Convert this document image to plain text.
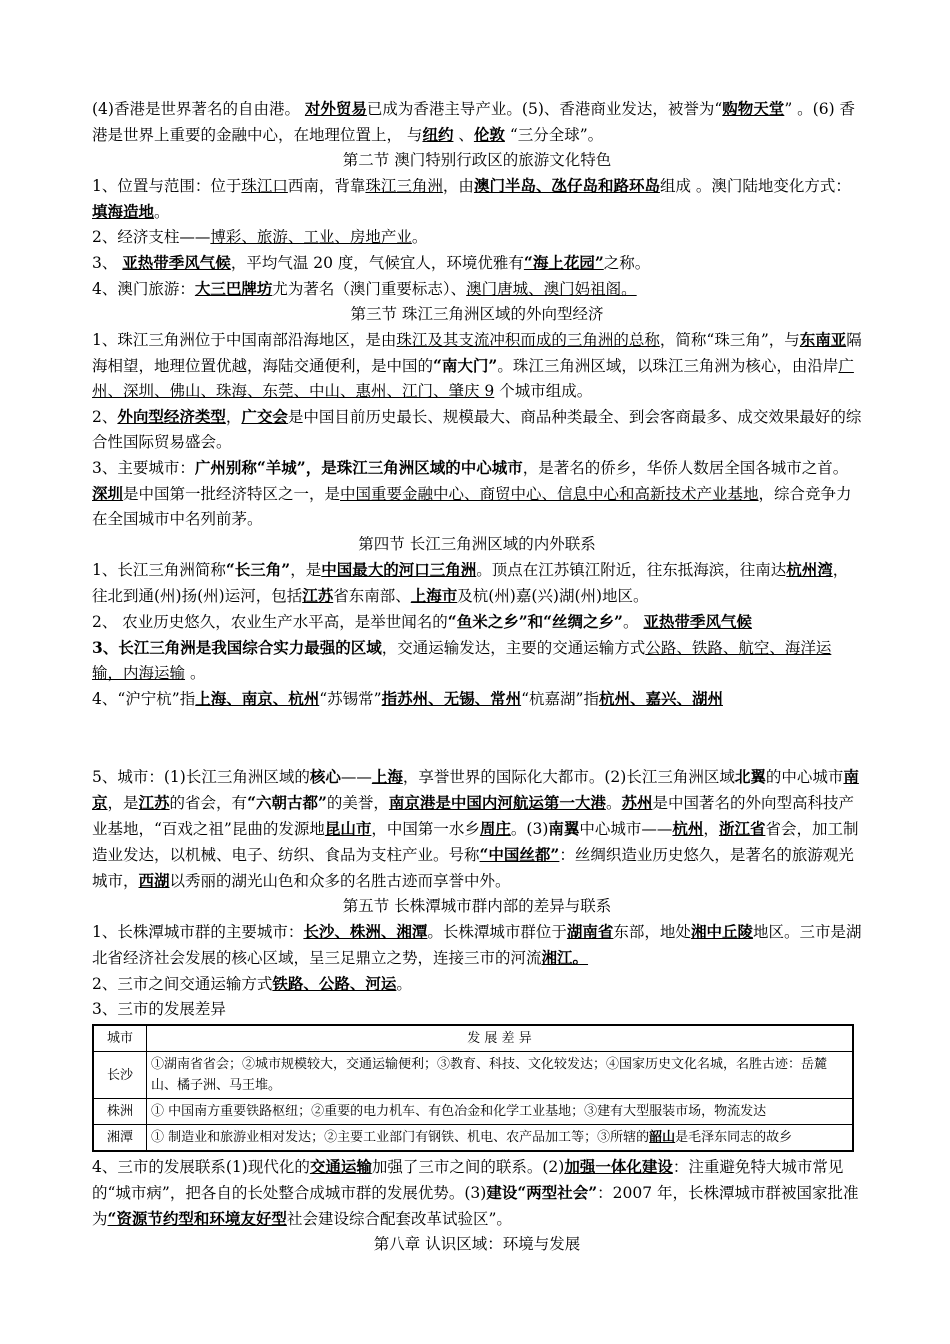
(4)香港是世界著名的自由港。 对外贸易已成为香港主导产业。(5)、香港商业发达，被誉为“购物天堂” 。(6) 香港是世界上重要的金融中心，在地理位置上， 与纽约 、伦敦 “三分全球”。

第二节 澳门特别行政区的旅游文化特色

1、位置与范围：位于珠江口西南，背靠珠江三角洲，由澳门半岛、氹仔岛和路环岛组成 。澳门陆地变化方式：填海造地。

2、经济支柱——博彩、旅游、工业、房地产业。

3、 亚热带季风气候，平均气温 20 度，气候宜人，环境优雅有“海上花园”之称。

4、澳门旅游：大三巴牌坊尤为著名（澳门重要标志）、澳门唐城、澳门妈祖阁。

第三节 珠江三角洲区域的外向型经济

1、珠江三角洲位于中国南部沿海地区，是由珠江及其支流冲积而成的三角洲的总称，简称“珠三角”，与东南亚隔海相望，地理位置优越，海陆交通便利，是中国的“南大门”。珠江三角洲区域，以珠江三角洲为核心，由沿岸广州、深圳、佛山、珠海、东莞、中山、惠州、江门、肇庆 9 个城市组成。

2、外向型经济类型，广交会是中国目前历史最长、规模最大、商品种类最全、到会客商最多、成交效果最好的综合性国际贸易盛会。

3、主要城市：广州别称“羊城”，是珠江三角洲区域的中心城市，是著名的侨乡，华侨人数居全国各城市之首。深圳是中国第一批经济特区之一，是中国重要金融中心、商贸中心、信息中心和高新技术产业基地，综合竞争力在全国城市中名列前茅。

第四节 长江三角洲区域的内外联系

1、长江三角洲简称“长三角”，是中国最大的河口三角洲。顶点在江苏镇江附近，往东抵海滨，往南达杭州湾，往北到通(州)扬(州)运河，包括江苏省东南部、上海市及杭(州)嘉(兴)湖(州)地区。

2、 农业历史悠久，农业生产水平高，是举世闻名的“鱼米之乡”和“丝绸之乡”。 亚热带季风气候

3、长江三角洲是我国综合实力最强的区域，交通运输发达，主要的交通运输方式公路、铁路、航空、海洋运输，内海运输 。

4、“沪宁杭”指上海、南京、杭州“苏锡常”指苏州、无锡、常州“杭嘉湖”指杭州、嘉兴、湖州

5、城市：(1)长江三角洲区域的核心——上海，享誉世界的国际化大都市。(2)长江三角洲区域北翼的中心城市南京，是江苏的省会，有“六朝古都”的美誉，南京港是中国内河航运第一大港。苏州是中国著名的外向型高科技产业基地，“百戏之祖”昆曲的发源地昆山市，中国第一水乡周庄。(3)南翼中心城市——杭州，浙江省省会，加工制造业发达，以机械、电子、纺织、食品为支柱产业。号称“中国丝都”：丝绸织造业历史悠久，是著名的旅游观光城市，西湖以秀丽的湖光山色和众多的名胜古迹而享誉中外。

第五节 长株潭城市群内部的差异与联系

1、长株潭城市群的主要城市：长沙、株洲、湘潭。长株潭城市群位于湖南省东部，地处湘中丘陵地区。三市是湖北省经济社会发展的核心区域，呈三足鼎立之势，连接三市的河流湘江。

2、三市之间交通运输方式铁路、公路、河运。

3、三市的发展差异

城市	发 展 差 异
长沙	①湖南省省会；②城市规模较大，交通运输便利；③教育、科技、文化较发达；④国家历史文化名城，名胜古迹：岳麓山、橘子洲、马王堆。
株洲	① 中国南方重要铁路枢纽；②重要的电力机车、有色冶金和化学工业基地；③建有大型服装市场，物流发达
湘潭	① 制造业和旅游业相对发达；②主要工业部门有钢铁、机电、农产品加工等；③所辖的韶山是毛泽东同志的故乡

4、三市的发展联系(1)现代化的交通运输加强了三市之间的联系。(2)加强一体化建设：注重避免特大城市常见的“城市病”，把各自的长处整合成城市群的发展优势。(3)建设“两型社会”：2007 年，长株潭城市群被国家批准为“资源节约型和环境友好型社会建设综合配套改革试验区”。

第八章 认识区域：环境与发展
